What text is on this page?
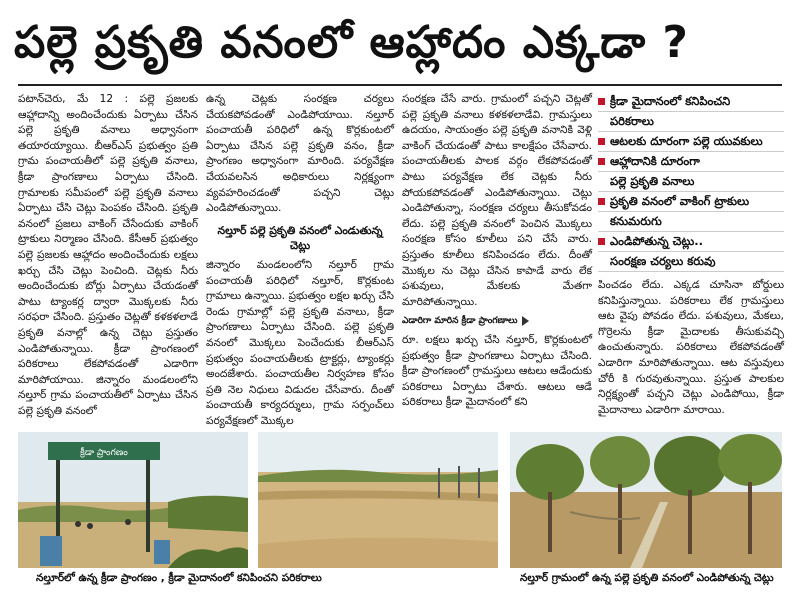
పల్లె ప్రకృతి వనంలో ఆహ్లాదం ఎక్కడా ?

పటాన్‌చెరు, మే 12 : పల్లె ప్రజలకు ఆహ్లాదాన్ని అందించేందుకు ఏర్పాటు చేసిన పల్లె ప్రకృతి వనాలు అధ్వానంగా తయారయ్యాయి. బీఆర్‌ఎస్‌ ప్రభుత్వం ప్రతి గ్రామ పంచాయతీలో పల్లె ప్రకృతి వనాలు, క్రీడా ప్రాంగణాలు ఏర్పాటు చేసింది. గ్రామాలకు సమీపంలో పల్లె ప్రకృతి వనాలు ఏర్పాటు చేసి చెట్లు పెంపకం చేసింది. ప్రకృతి వనంలో ప్రజలు వాకింగ్‌ చేసేందుకు వాకింగ్‌ ట్రాకులు నిర్మాణం చేసింది. కేసీఆర్‌ ప్రభుత్వం పల్లె ప్రజలకు ఆహ్లాదం అందించేందుకు లక్షలు ఖర్చు చేసి చెట్లు పెంచింది. చెట్లకు నీరు అందించేందుకు బోర్లు ఏర్పాటు చేయడంతో పాటు ట్యాంకర్ల ద్వారా మొక్కలకు నీరు సరఫరా చేసింది. ప్రస్తుతం చెట్లతో కళకళలాడే ప్రకృతి వనాల్లో ఉన్న చెట్లు ప్రస్తుతం ఎండిపోతున్నాయి. క్రీడా ప్రాంగణంలో పరికరాలు లేకపోవడంతో ఎడారిగా మారిపోయాయి. జిన్నారం మండలంలోని నల్తూర్‌ గ్రామ పంచాయతీలో ఏర్పాటు చేసిన పల్లె ప్రకృతి వనంలో

ఉన్న చెట్లకు సంరక్షణ చర్యలు చేయకపోవడంతో ఎండిపోయాయి. నల్తూర్‌ పంచాయతీ పరిధిలో ఉన్న కొర్లకుంటలో ఏర్పాటు చేసిన పల్లె ప్రకృతి వనం, క్రీడా ప్రాంగణం అధ్వానంగా మారింది. పర్యవేక్షణ చేయవలసిన అధికారులు నిర్లక్ష్యంగా వ్యవహరించడంతో పచ్చని చెట్లు ఎండిపోతున్నాయి.

నల్తూర్‌ పల్లె ప్రకృతి వనంలో ఎండుతున్న చెట్లు

జిన్నారం మండలంలోని నల్తూర్‌ గ్రామ పంచాయతీ పరిధిలో నల్తూర్‌, కొర్లకుంట గ్రామాలు ఉన్నాయి. ప్రభుత్వం లక్షల ఖర్చు చేసి రెండు గ్రామాల్లో పల్లె ప్రకృతి వనాలు, క్రీడా ప్రాంగణాలు ఏర్పాటు చేసింది. పల్లె ప్రకృతి వనంలో మొక్కలు పెంచేందుకు బీఆర్‌ఎస్‌ ప్రభుత్వం పంచాయతీలకు ట్రాక్టర్లు, ట్యాంకర్లు అందజేశారు. పంచాయతీల నిర్వహణ కోసం ప్రతి నెల నిధులు విడుదల చేసేవారు. దీంతో పంచాయతీ కార్యదర్శులు, గ్రామ సర్పంచ్‌లు పర్యవేక్షణలో మొక్కల

సంరక్షణ చేసే వారు. గ్రామంలో పచ్చని చెట్లతో పల్లె ప్రకృతి వనాలు కళకళలాడేవి. గ్రామస్తులు ఉదయం, సాయంత్రం పల్లె ప్రకృతి వనానికి వెళ్లి వాకింగ్‌ చేయడంతో పాటు కాలక్షేపం చేసేవారు. పంచాయతీలకు పాలక వర్గం లేకపోవడంతో పాటు పర్యవేక్షణ లేక చెట్లకు నీరు పోయకపోవడంతో ఎండిపోతున్నాయి. చెట్లు ఎండిపోతున్నా, సంరక్షణ చర్యలు తీసుకోవడం లేదు. పల్లె ప్రకృతి వనంలో పెంచిన మొక్కలు సంరక్షణ కోసం కూలీలు పని చేసే వారు. ప్రస్తుతం కూలీలు కనిపించడం లేదు. దీంతో మొక్కల ను చెట్లు చేసిన కాపాడే వారు లేక పశువులు, మేకలకు మేతగా మారిపోతున్నాయి.

ఎడారిగా మారిన క్రీడా ప్రాంగణాలు

రూ. లక్షలు ఖర్చు చేసి నల్తూర్‌, కొర్లకుంటలో ప్రభుత్వం క్రీడా ప్రాంగణాలు ఏర్పాటు చేసింది. క్రీడా ప్రాంగణంలో గ్రామస్తులు ఆటలు ఆడేందుకు పరికరాలు ఏర్పాటు చేశారు. ఆటలు ఆడే పరికరాలు క్రీడా మైదానంలో కని

క్రీడా మైదానంలో కనిపించని
పరికరాలు
ఆటలకు దూరంగా పల్లె యువకులు
ఆహ్లాదానికి దూరంగా
పల్లె ప్రకృతి వనాలు
ప్రకృతి వనంలో వాకింగ్‌ ట్రాకులు
కనుమరుగు
ఎండిపోతున్న చెట్లు..
సంరక్షణ చర్యలు కరువు

పించడం లేదు. ఎక్కడ చూసినా బోర్డులు కనిపిస్తున్నాయి. పరికరాలు లేక గ్రామస్తులు ఆట వైపు పోవడం లేదు. పశువులు, మేకలు, గొర్రెలను క్రీడా మైదాలకు తీసుకువచ్చి ఉంచుతున్నారు. పరికరాలు లేకపోవడంతో ఎడారిగా మారిపోతున్నాయి. ఆట వస్తువులు చోరీ కి గురవుతున్నాయి. ప్రస్తుత పాలకుల నిర్లక్ష్యంతో పచ్చని చెట్లు ఎండిపోయి, క్రీడా మైదానాలు ఎడారిగా మారాయి.

క్రీడా ప్రాంగణం
నల్తూర్‌లో ఉన్న క్రీడా ప్రాంగణం , క్రీడా మైదానంలో కనిపించని పరికరాలు	నల్తూర్‌ గ్రామంలో ఉన్న పల్లె ప్రకృతి వనంలో ఎండిపోతున్న చెట్లు
